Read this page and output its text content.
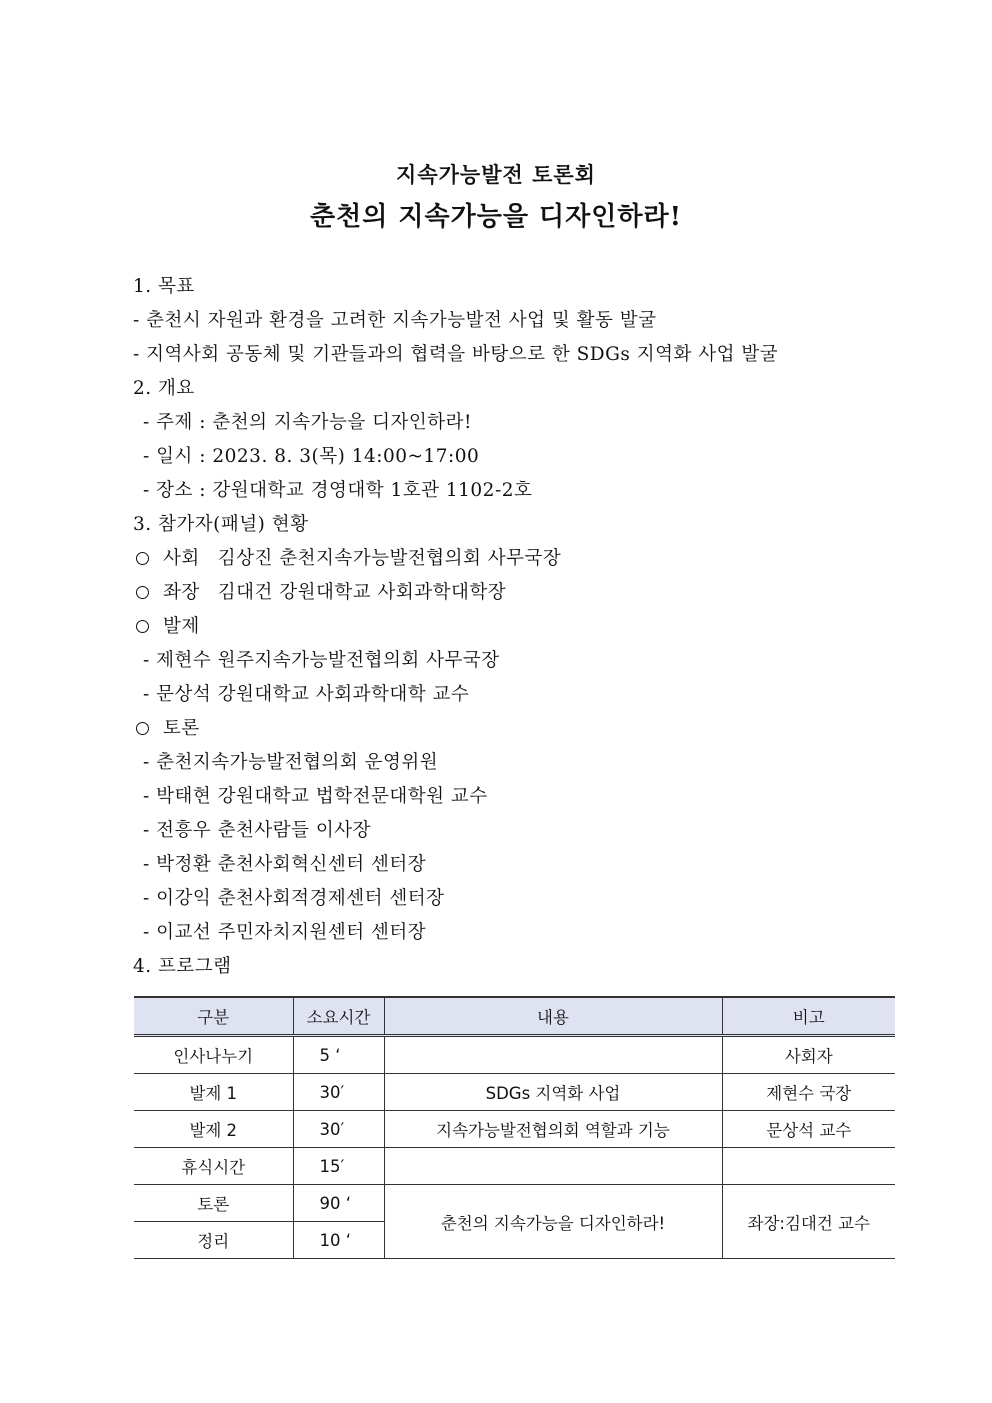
지속가능발전 토론회
춘천의 지속가능을 디자인하라!
1. 목표
- 춘천시 자원과 환경을 고려한 지속가능발전 사업 및 활동 발굴
- 지역사회 공동체 및 기관들과의 협력을 바탕으로 한 SDGs 지역화 사업 발굴
2. 개요
- 주제 : 춘천의 지속가능을 디자인하라!
- 일시 : 2023. 8. 3(목) 14:00~17:00
- 장소 : 강원대학교 경영대학 1호관 1102-2호
3. 참가자(패널) 현황
사회 김상진 춘천지속가능발전협의회 사무국장
좌장 김대건 강원대학교 사회과학대학장
발제
- 제현수 원주지속가능발전협의회 사무국장
- 문상석 강원대학교 사회과학대학 교수
토론
- 춘천지속가능발전협의회 운영위원
- 박태현 강원대학교 법학전문대학원 교수
- 전흥우 춘천사람들 이사장
- 박정환 춘천사회혁신센터 센터장
- 이강익 춘천사회적경제센터 센터장
- 이교선 주민자치지원센터 센터장
4. 프로그램
구분	소요시간	내용	비고
인사나누기	5 ‘		사회자
발제 1	30′	SDGs 지역화 사업	제현수 국장
발제 2	30′	지속가능발전협의회 역할과 기능	문상석 교수
휴식시간	15′		
토론	90 ‘	춘천의 지속가능을 디자인하라!	좌장:김대건 교수
정리	10 ‘		
